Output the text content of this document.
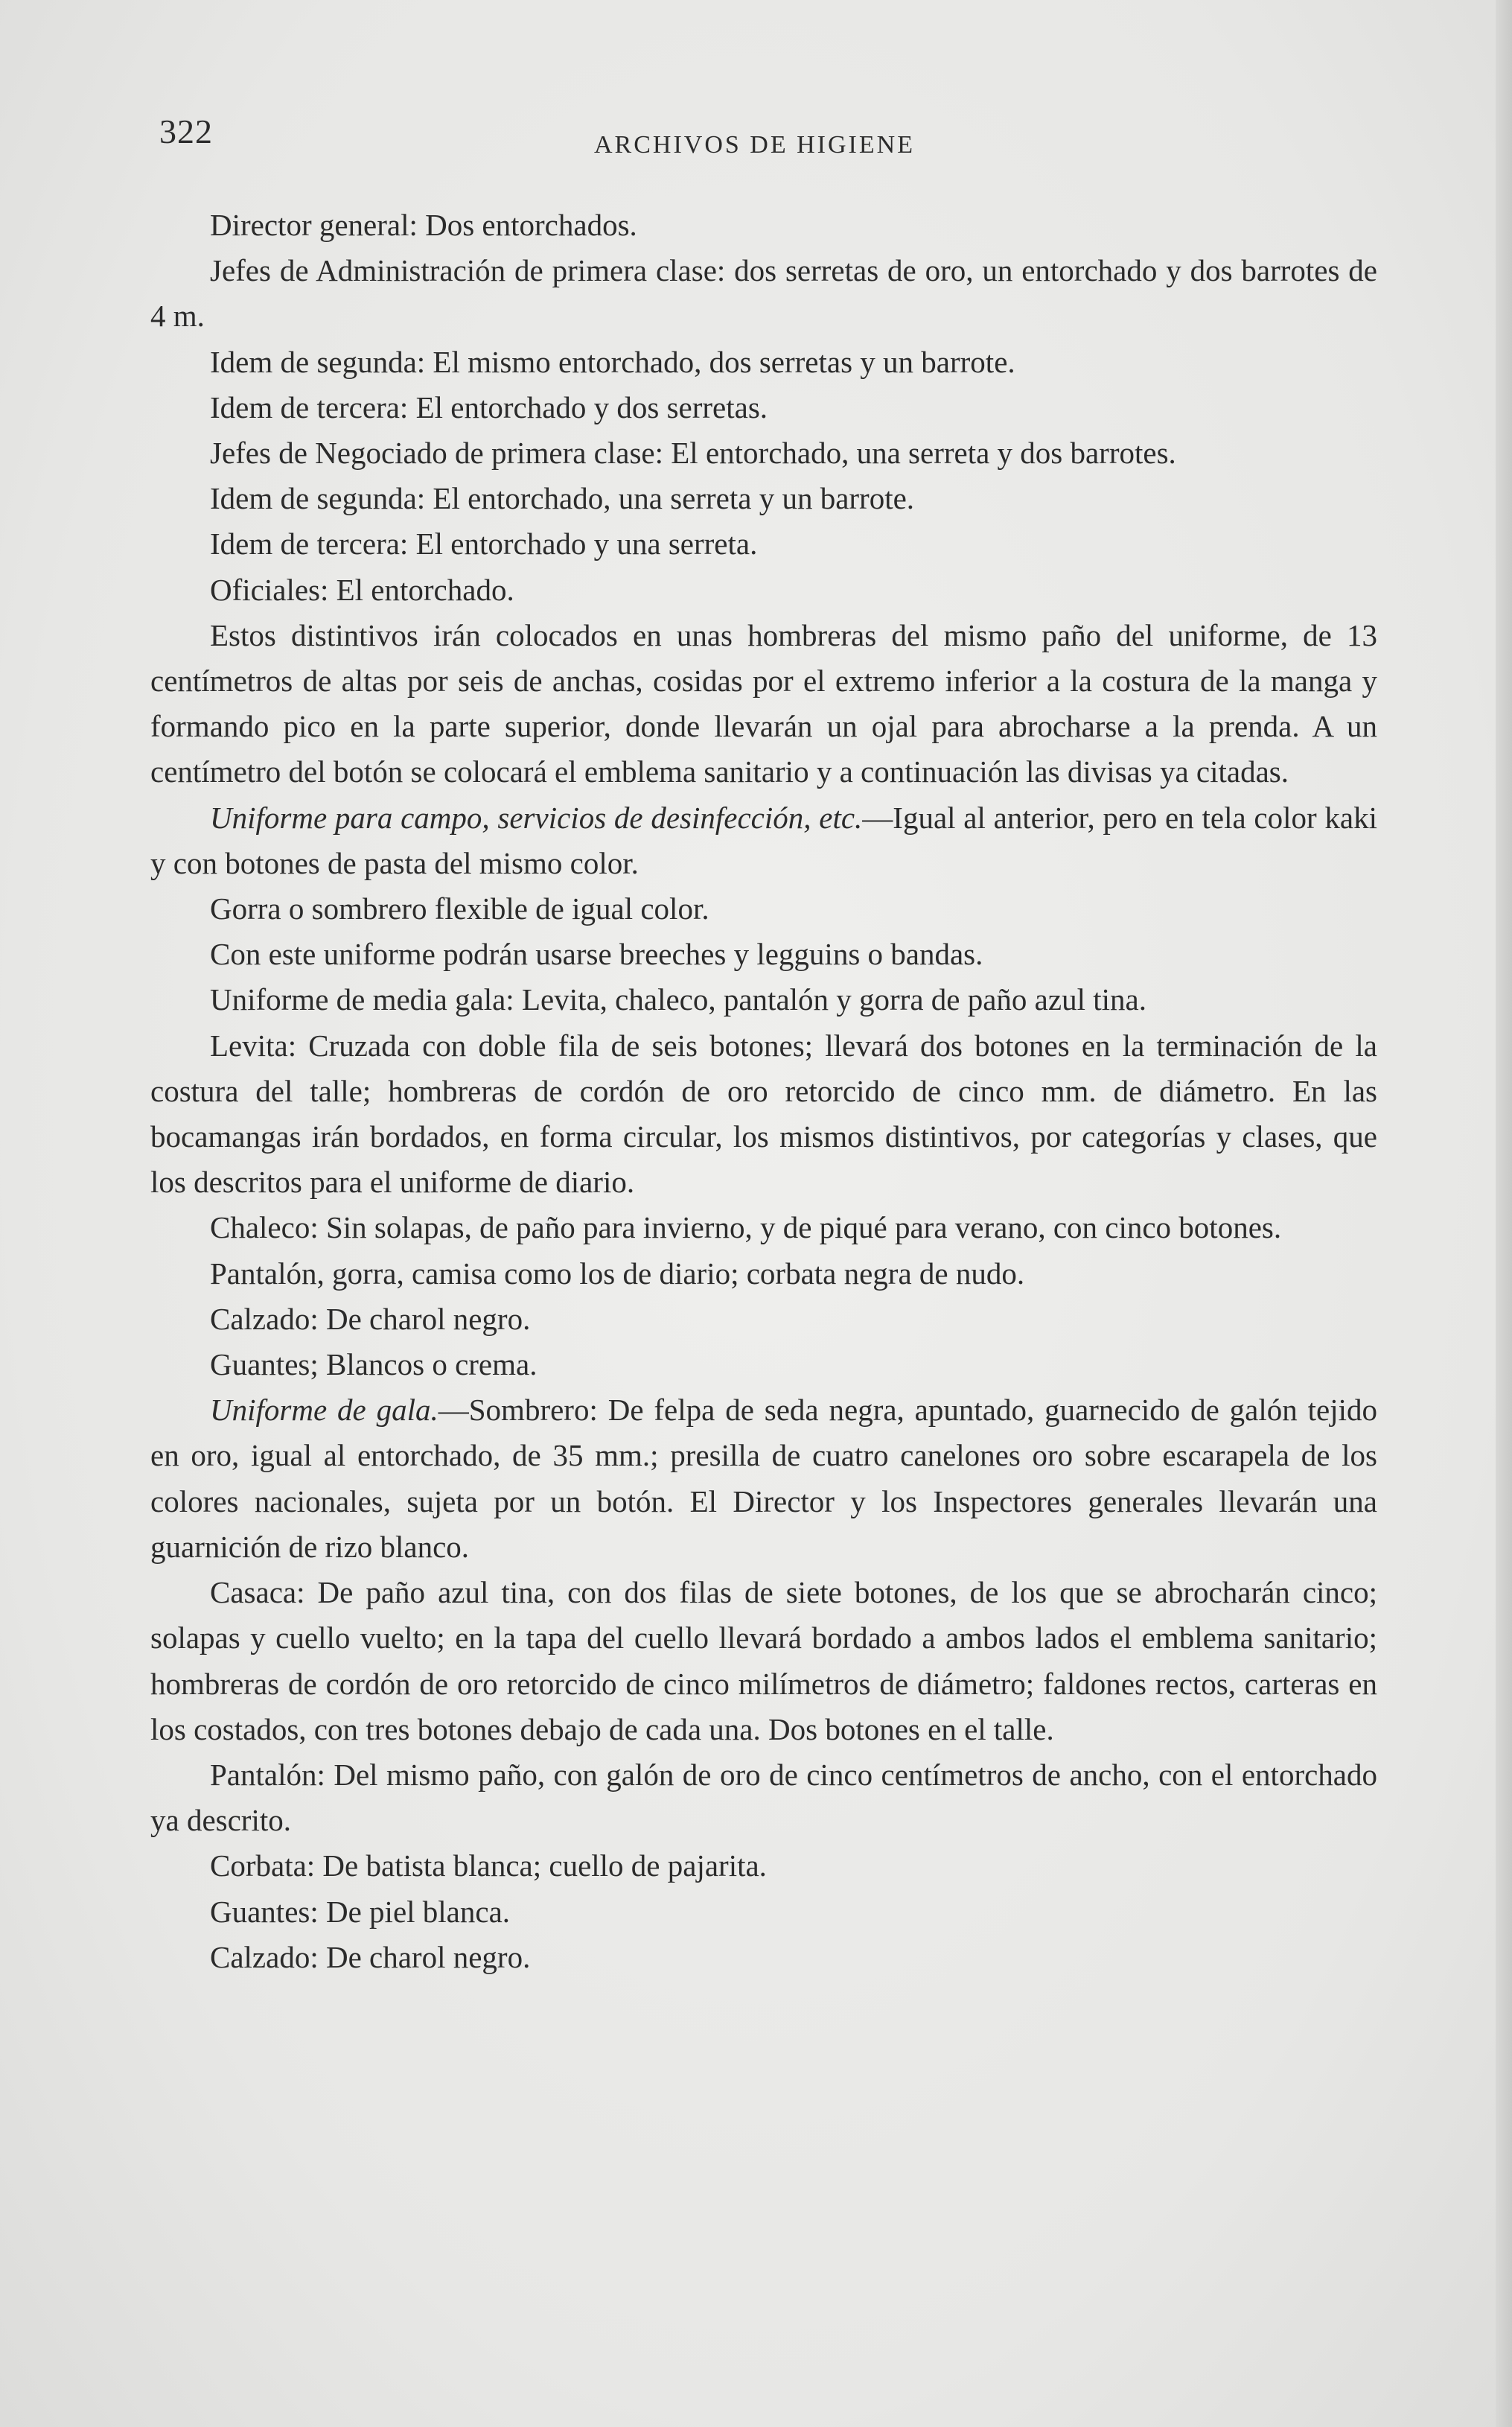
322	ARCHIVOS DE HIGIENE

Director general: Dos entorchados.

Jefes de Administración de primera clase: dos serretas de oro, un entorchado y dos barrotes de 4 m.

Idem de segunda: El mismo entorchado, dos serretas y un barrote.

Idem de tercera: El entorchado y dos serretas.

Jefes de Negociado de primera clase: El entorchado, una serreta y dos barrotes.

Idem de segunda: El entorchado, una serreta y un barrote.

Idem de tercera: El entorchado y una serreta.

Oficiales: El entorchado.

Estos distintivos irán colocados en unas hombreras del mismo paño del uniforme, de 13 centímetros de altas por seis de anchas, cosidas por el extremo inferior a la costura de la manga y formando pico en la parte superior, donde llevarán un ojal para abrocharse a la prenda. A un centímetro del botón se colocará el emblema sanitario y a continuación las divisas ya citadas.

Uniforme para campo, servicios de desinfección, etc.—Igual al anterior, pero en tela color kaki y con botones de pasta del mismo color.

Gorra o sombrero flexible de igual color.

Con este uniforme podrán usarse breeches y legguins o bandas.

Uniforme de media gala: Levita, chaleco, pantalón y gorra de paño azul tina.

Levita: Cruzada con doble fila de seis botones; llevará dos botones en la terminación de la costura del talle; hombreras de cordón de oro retorcido de cinco mm. de diámetro. En las bocamangas irán bordados, en forma circular, los mismos distintivos, por categorías y clases, que los descritos para el uniforme de diario.

Chaleco: Sin solapas, de paño para invierno, y de piqué para verano, con cinco botones.

Pantalón, gorra, camisa como los de diario; corbata negra de nudo.

Calzado: De charol negro.

Guantes; Blancos o crema.

Uniforme de gala.—Sombrero: De felpa de seda negra, apuntado, guarnecido de galón tejido en oro, igual al entorchado, de 35 mm.; presilla de cuatro canelones oro sobre escarapela de los colores nacionales, sujeta por un botón. El Director y los Inspectores generales llevarán una guarnición de rizo blanco.

Casaca: De paño azul tina, con dos filas de siete botones, de los que se abrocharán cinco; solapas y cuello vuelto; en la tapa del cuello llevará bordado a ambos lados el emblema sanitario; hombreras de cordón de oro retorcido de cinco milímetros de diámetro; faldones rectos, carteras en los costados, con tres botones debajo de cada una. Dos botones en el talle.

Pantalón: Del mismo paño, con galón de oro de cinco centímetros de ancho, con el entorchado ya descrito.

Corbata: De batista blanca; cuello de pajarita.

Guantes: De piel blanca.

Calzado: De charol negro.
